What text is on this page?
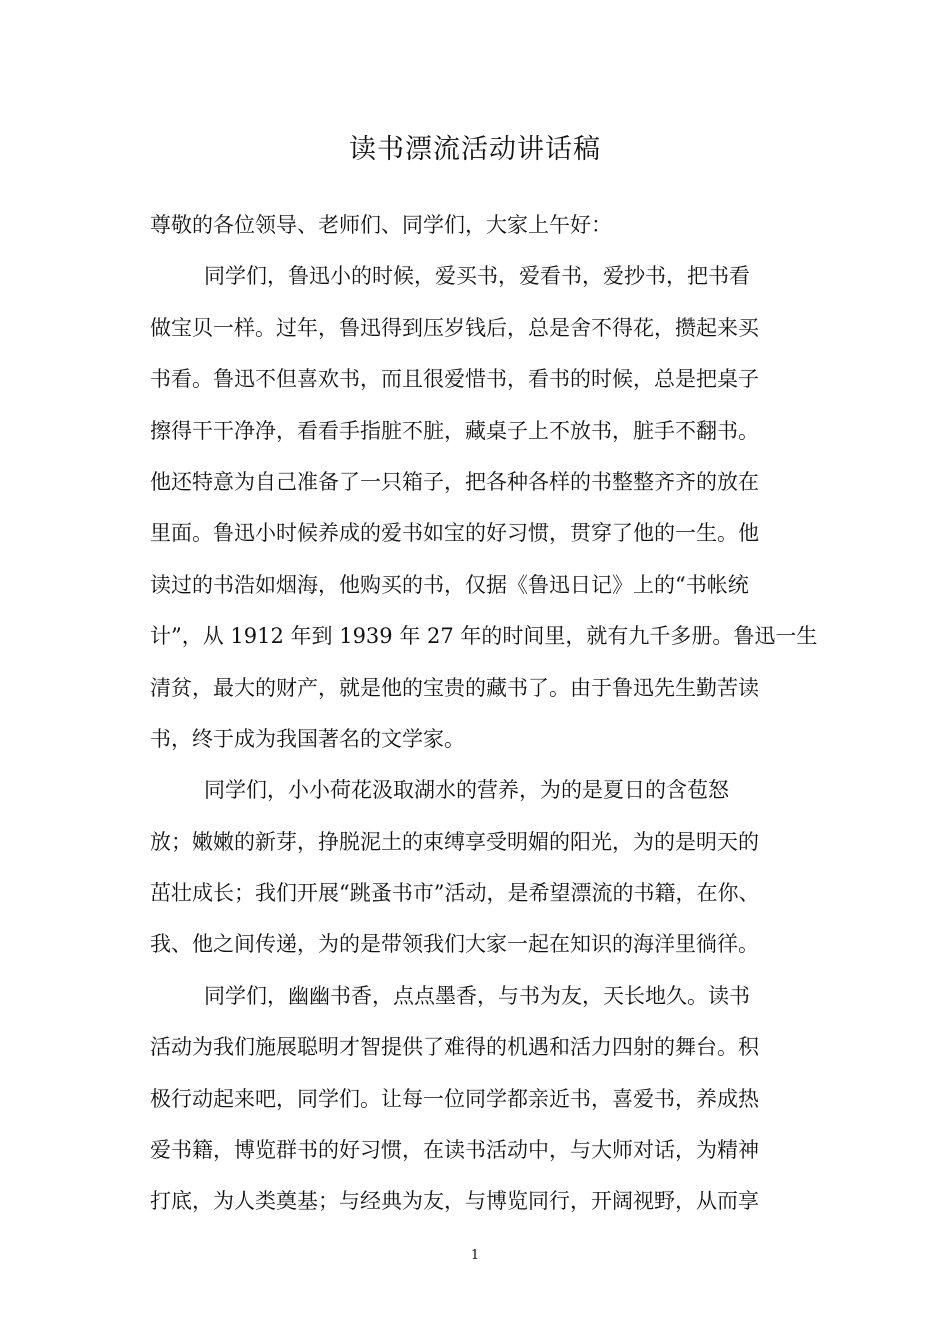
读书漂流活动讲话稿
尊敬的各位领导、老师们、同学们，大家上午好：
同学们，鲁迅小的时候，爱买书，爱看书，爱抄书，把书看
做宝贝一样。过年，鲁迅得到压岁钱后，总是舍不得花，攒起来买
书看。鲁迅不但喜欢书，而且很爱惜书，看书的时候，总是把桌子
擦得干干净净，看看手指脏不脏，藏桌子上不放书，脏手不翻书。
他还特意为自己准备了一只箱子，把各种各样的书整整齐齐的放在
里面。鲁迅小时候养成的爱书如宝的好习惯，贯穿了他的一生。他
读过的书浩如烟海，他购买的书，仅据《鲁迅日记》上的“书帐统
计”，从 1912 年到 1939 年 27 年的时间里，就有九千多册。鲁迅一生
清贫，最大的财产，就是他的宝贵的藏书了。由于鲁迅先生勤苦读
书，终于成为我国著名的文学家。
同学们，小小荷花汲取湖水的营养，为的是夏日的含苞怒
放；嫩嫩的新芽，挣脱泥土的束缚享受明媚的阳光，为的是明天的
茁壮成长；我们开展“跳蚤书市”活动，是希望漂流的书籍，在你、
我、他之间传递，为的是带领我们大家一起在知识的海洋里徜徉。
同学们，幽幽书香，点点墨香，与书为友，天长地久。读书
活动为我们施展聪明才智提供了难得的机遇和活力四射的舞台。积
极行动起来吧，同学们。让每一位同学都亲近书，喜爱书，养成热
爱书籍，博览群书的好习惯，在读书活动中，与大师对话，为精神
打底，为人类奠基；与经典为友，与博览同行，开阔视野，从而享
1
